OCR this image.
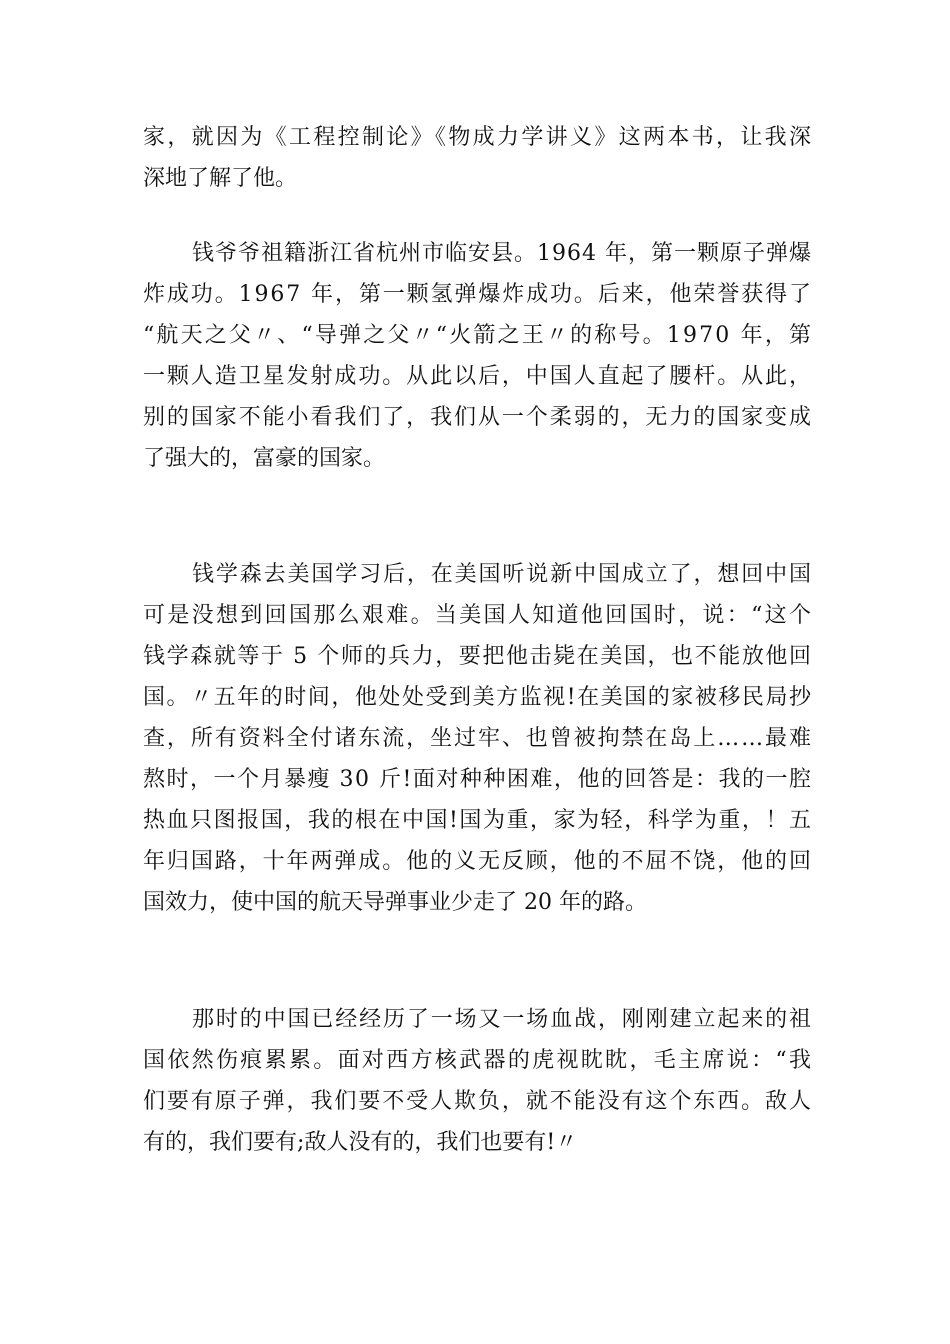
家，就因为《工程控制论》《物成力学讲义》这两本书，让我深
深地了解了他。
钱爷爷祖籍浙江省杭州市临安县。1964 年，第一颗原子弹爆
炸成功。1967 年，第一颗氢弹爆炸成功。后来，他荣誉获得了
“航天之父〃、“导弹之父〃“火箭之王〃的称号。1970 年，第
一颗人造卫星发射成功。从此以后，中国人直起了腰杆。从此，
别的国家不能小看我们了，我们从一个柔弱的，无力的国家变成
了强大的，富豪的国家。
钱学森去美国学习后，在美国听说新中国成立了，想回中国
可是没想到回国那么艰难。当美国人知道他回国时，说：“这个
钱学森就等于 5 个师的兵力，要把他击毙在美国，也不能放他回
国。〃五年的时间，他处处受到美方监视!在美国的家被移民局抄
查，所有资料全付诸东流，坐过牢、也曾被拘禁在岛上……最难
熬时，一个月暴瘦 30 斤!面对种种困难，他的回答是：我的一腔
热血只图报国，我的根在中国!国为重，家为轻，科学为重，！五
年归国路，十年两弹成。他的义无反顾，他的不屈不饶，他的回
国效力，使中国的航天导弹事业少走了 20 年的路。
那时的中国已经经历了一场又一场血战，刚刚建立起来的祖
国依然伤痕累累。面对西方核武器的虎视眈眈，毛主席说：“我
们要有原子弹，我们要不受人欺负，就不能没有这个东西。敌人
有的，我们要有;敌人没有的，我们也要有!〃
